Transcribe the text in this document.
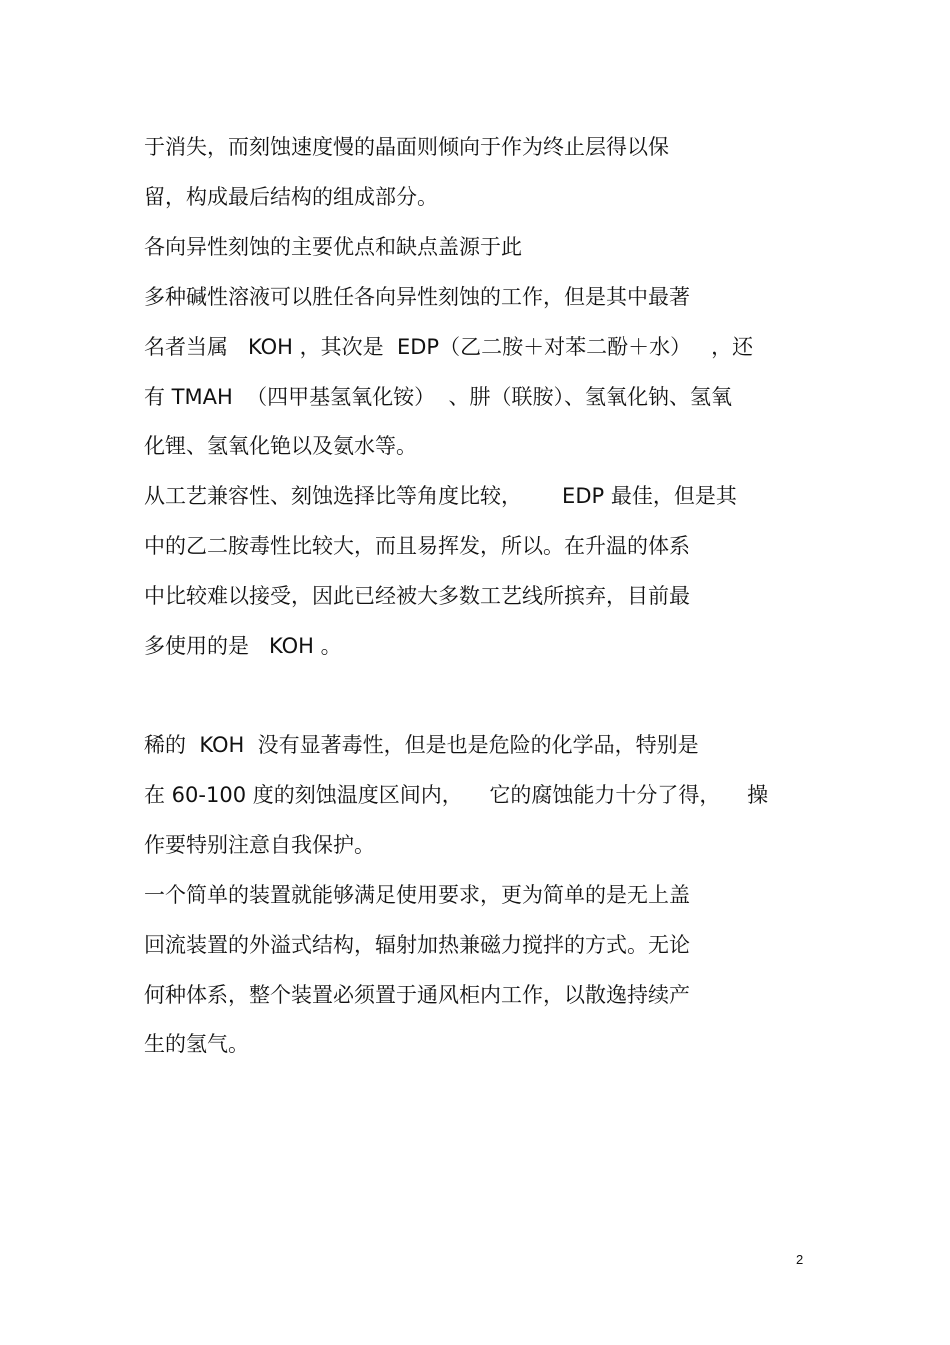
于消失，而刻蚀速度慢的晶面则倾向于作为终止层得以保
留，构成最后结构的组成部分。
各向异性刻蚀的主要优点和缺点盖源于此
多种碱性溶液可以胜任各向异性刻蚀的工作，但是其中最著
名者当属   KOH ，其次是  EDP（乙二胺＋对苯二酚＋水）   ，还
有 TMAH  （四甲基氢氧化铵）  、肼（联胺）、氢氧化钠、氢氧
化锂、氢氧化铯以及氨水等。
从工艺兼容性、刻蚀选择比等角度比较，      EDP 最佳，但是其
中的乙二胺毒性比较大，而且易挥发，所以。在升温的体系
中比较难以接受，因此已经被大多数工艺线所摈弃，目前最
多使用的是   KOH 。
稀的  KOH  没有显著毒性，但是也是危险的化学品，特别是
在 60-100 度的刻蚀温度区间内，    它的腐蚀能力十分了得，    操
作要特别注意自我保护。
一个简单的装置就能够满足使用要求，更为简单的是无上盖
回流装置的外溢式结构，辐射加热兼磁力搅拌的方式。无论
何种体系，整个装置必须置于通风柜内工作，以散逸持续产
生的氢气。
2
